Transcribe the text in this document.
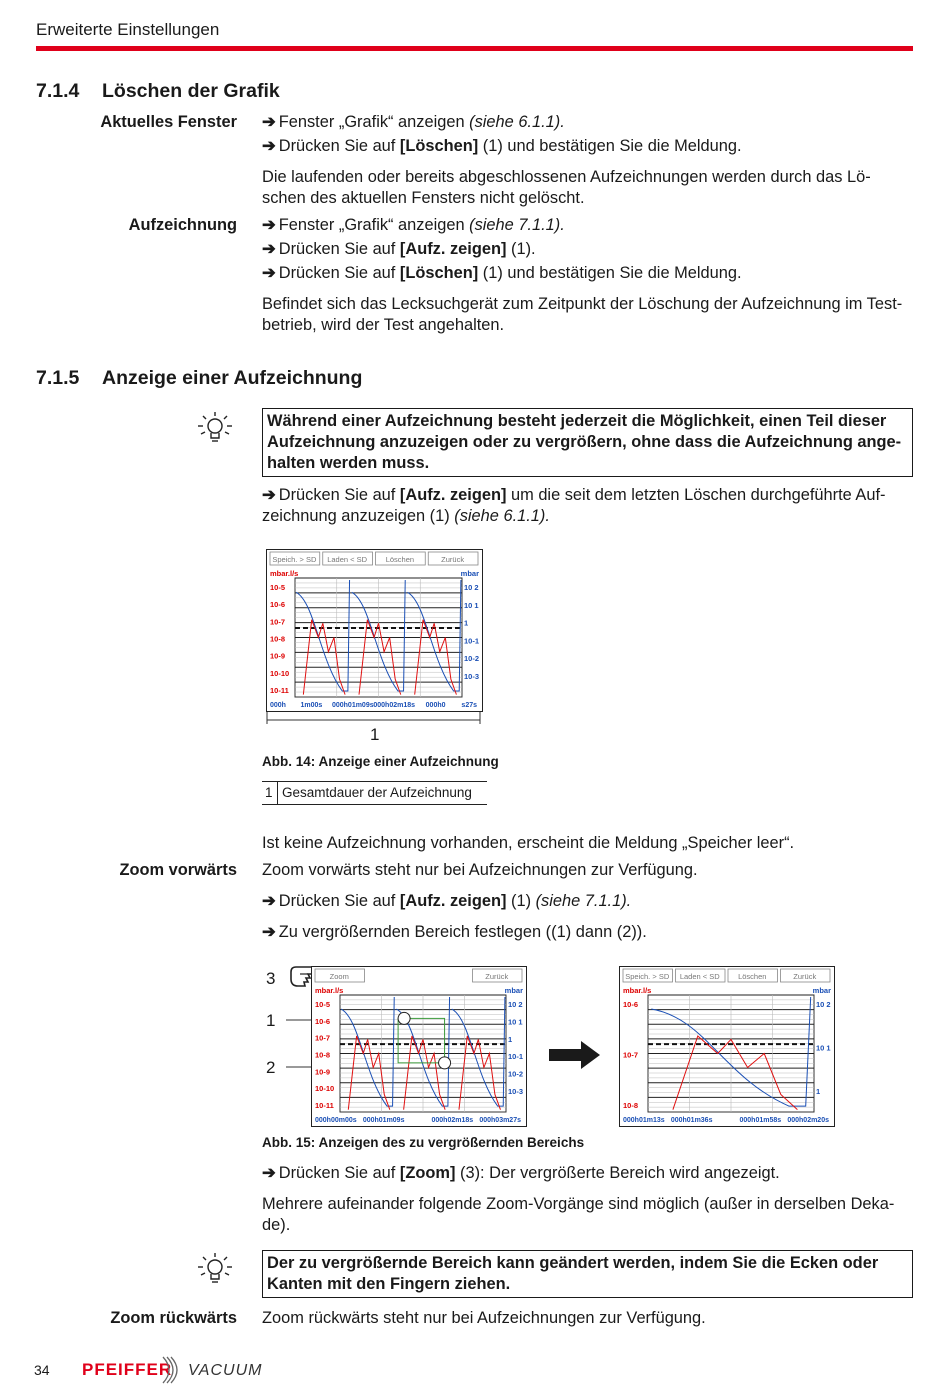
Erweiterte Einstellungen
7.1.4 Löschen der Grafik
Aktuelles Fenster ➔ Fenster „Grafik“ anzeigen (siehe 6.1.1).
➔ Drücken Sie auf [Löschen] (1) und bestätigen Sie die Meldung.
Die laufenden oder bereits abgeschlossenen Aufzeichnungen werden durch das Lö-schen des aktuellen Fensters nicht gelöscht.
Aufzeichnung ➔ Fenster „Grafik“ anzeigen (siehe 7.1.1).
➔ Drücken Sie auf [Aufz. zeigen] (1).
➔ Drücken Sie auf [Löschen] (1) und bestätigen Sie die Meldung.
Befindet sich das Lecksuchgerät zum Zeitpunkt der Löschung der Aufzeichnung im Test-betrieb, wird der Test angehalten.
7.1.5 Anzeige einer Aufzeichnung
Während einer Aufzeichnung besteht jederzeit die Möglichkeit, einen Teil dieser Aufzeichnung anzuzeigen oder zu vergrößern, ohne dass die Aufzeichnung ange-halten werden muss.
➔ Drücken Sie auf [Aufz. zeigen] um die seit dem letzten Löschen durchgeführte Auf-zeichnung anzuzeigen (1) (siehe 6.1.1).
Speich. > SD Laden < SD Löschen	Zurück
mbar.l/s	mbar
10-5
10-6
10-7
10-8
10-9
10-10
10-11
10 2
10 1
1
10-1
10-2
10-3
000h 1m00s 000h01m09s 000h02m18s 000h0 s27s
1
Abb. 14: Anzeige einer Aufzeichnung
1 Gesamtdauer der Aufzeichnung
Ist keine Aufzeichnung vorhanden, erscheint die Meldung „Speicher leer“.
Zoom vorwärts Zoom vorwärts steht nur bei Aufzeichnungen zur Verfügung.
➔ Drücken Sie auf [Aufz. zeigen] (1) (siehe 7.1.1).
➔ Zu vergrößernden Bereich festlegen ((1) dann (2)).
3
1
2
Zoom	Zurück
mbar.l/s	mbar
10-5
10-6
10-7
10-8
10-9
10-10
10-11
10 2
10 1
1
10-1
10-2
10-3
000h00m00s 000h01m09s	000h02m18s 000h03m27s
Speich. > SD Laden < SD Löschen	Zurück
mbar.l/s	mbar
10-6
10-7
10-8
10 2
10 1
1
000h01m13s 000h01m36s	000h01m58s 000h02m20s
Abb. 15: Anzeigen des zu vergrößernden Bereichs
➔ Drücken Sie auf [Zoom] (3): Der vergrößerte Bereich wird angezeigt.
Mehrere aufeinander folgende Zoom-Vorgänge sind möglich (außer in derselben Deka-de).
Der zu vergrößernde Bereich kann geändert werden, indem Sie die Ecken oder Kanten mit den Fingern ziehen.
Zoom rückwärts Zoom rückwärts steht nur bei Aufzeichnungen zur Verfügung.
34 PFEIFFER VACUUM
